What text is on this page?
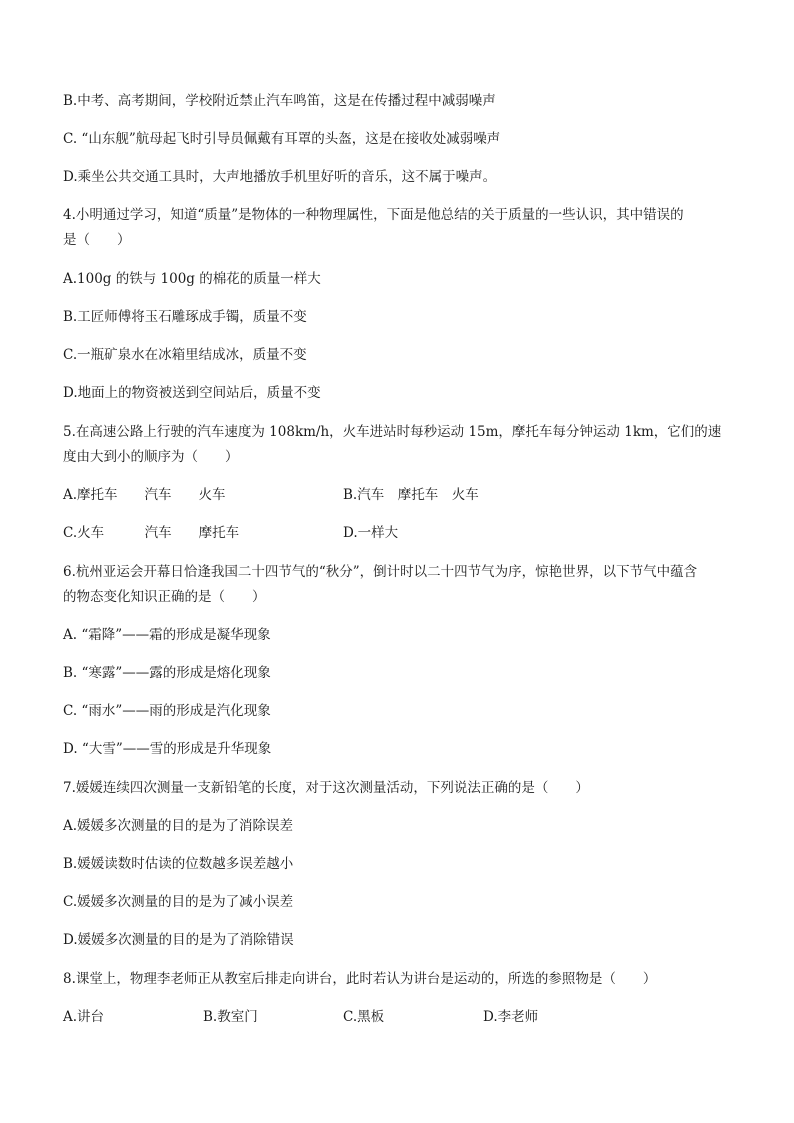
B.中考、高考期间，学校附近禁止汽车鸣笛，这是在传播过程中减弱噪声
C. “山东舰”航母起飞时引导员佩戴有耳罩的头盔，这是在接收处减弱噪声
D.乘坐公共交通工具时，大声地播放手机里好听的音乐，这不属于噪声。
4.小明通过学习，知道“质量”是物体的一种物理属性，下面是他总结的关于质量的一些认识，其中错误的
是（　　）
A.100g 的铁与 100g 的棉花的质量一样大
B.工匠师傅将玉石雕琢成手镯，质量不变
C.一瓶矿泉水在冰箱里结成冰，质量不变
D.地面上的物资被送到空间站后，质量不变
5.在高速公路上行驶的汽车速度为 108km/h，火车进站时每秒运动 15m，摩托车每分钟运动 1km，它们的速
度由大到小的顺序为（　　）
A.摩托车　　汽车　　火车	B.汽车　摩托车　火车
C.火车　　　汽车　　摩托车	D.一样大
6.杭州亚运会开幕日恰逢我国二十四节气的“秋分”，倒计时以二十四节气为序，惊艳世界，以下节气中蕴含
的物态变化知识正确的是（　　）
A. “霜降”——霜的形成是凝华现象
B. “寒露”——露的形成是熔化现象
C. “雨水”——雨的形成是汽化现象
D. “大雪”——雪的形成是升华现象
7.媛媛连续四次测量一支新铅笔的长度，对于这次测量活动，下列说法正确的是（　　）
A.媛媛多次测量的目的是为了消除误差
B.媛媛读数时估读的位数越多误差越小
C.媛媛多次测量的目的是为了减小误差
D.媛媛多次测量的目的是为了消除错误
8.课堂上，物理李老师正从教室后排走向讲台，此时若认为讲台是运动的，所选的参照物是（　　）
A.讲台	B.教室门	C.黑板	D.李老师
